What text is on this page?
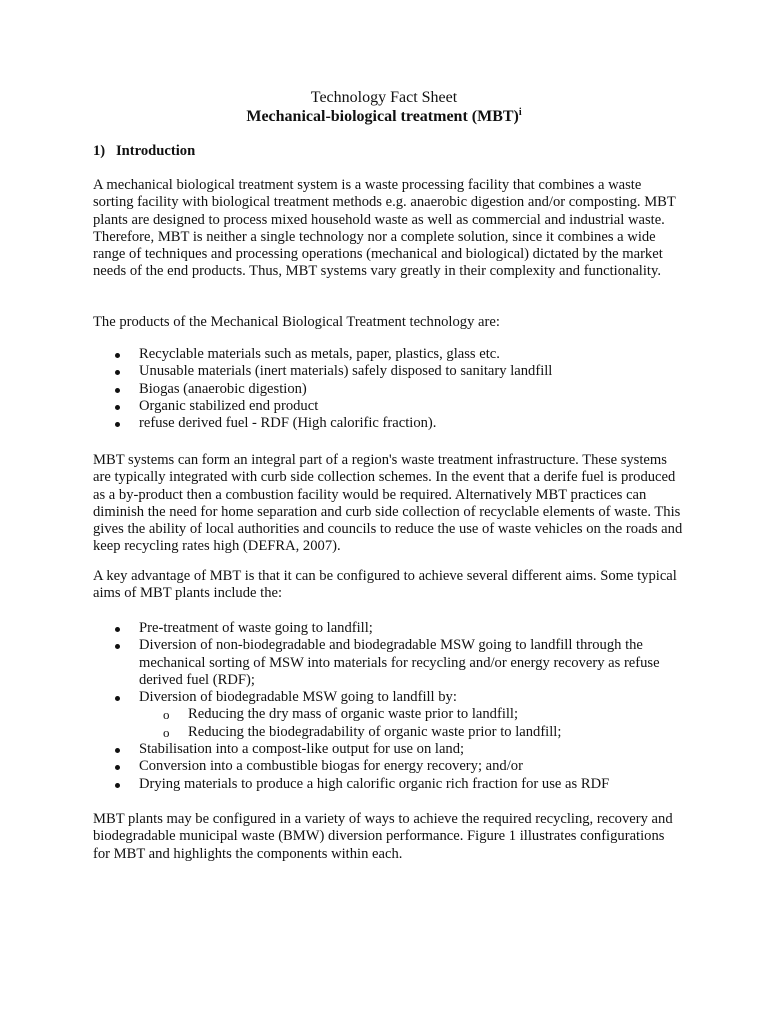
Technology Fact Sheet
Mechanical-biological treatment (MBT)$^i$
1) Introduction

A mechanical biological treatment system is a waste processing facility that combines a waste sorting facility with biological treatment methods e.g. anaerobic digestion and/or composting. MBT plants are designed to process mixed household waste as well as commercial and industrial waste. Therefore, MBT is neither a single technology nor a complete solution, since it combines a wide range of techniques and processing operations (mechanical and biological) dictated by the market needs of the end products. Thus, MBT systems vary greatly in their complexity and functionality.

The products of the Mechanical Biological Treatment technology are:

Recyclable materials such as metals, paper, plastics, glass etc.
Unusable materials (inert materials) safely disposed to sanitary landfill
Biogas (anaerobic digestion)
Organic stabilized end product
refuse derived fuel - RDF (High calorific fraction).

MBT systems can form an integral part of a region's waste treatment infrastructure. These systems are typically integrated with curb side collection schemes. In the event that a derife fuel is produced as a by-product then a combustion facility would be required. Alternatively MBT practices can diminish the need for home separation and curb side collection of recyclable elements of waste. This gives the ability of local authorities and councils to reduce the use of waste vehicles on the roads and keep recycling rates high (DEFRA, 2007).

A key advantage of MBT is that it can be configured to achieve several different aims. Some typical aims of MBT plants include the:

Pre-treatment of waste going to landfill;
Diversion of non-biodegradable and biodegradable MSW going to landfill through the mechanical sorting of MSW into materials for recycling and/or energy recovery as refuse derived fuel (RDF);
Diversion of biodegradable MSW going to landfill by:
o Reducing the dry mass of organic waste prior to landfill;
o Reducing the biodegradability of organic waste prior to landfill;
Stabilisation into a compost-like output for use on land;
Conversion into a combustible biogas for energy recovery; and/or
Drying materials to produce a high calorific organic rich fraction for use as RDF

MBT plants may be configured in a variety of ways to achieve the required recycling, recovery and biodegradable municipal waste (BMW) diversion performance. Figure 1 illustrates configurations for MBT and highlights the components within each.
